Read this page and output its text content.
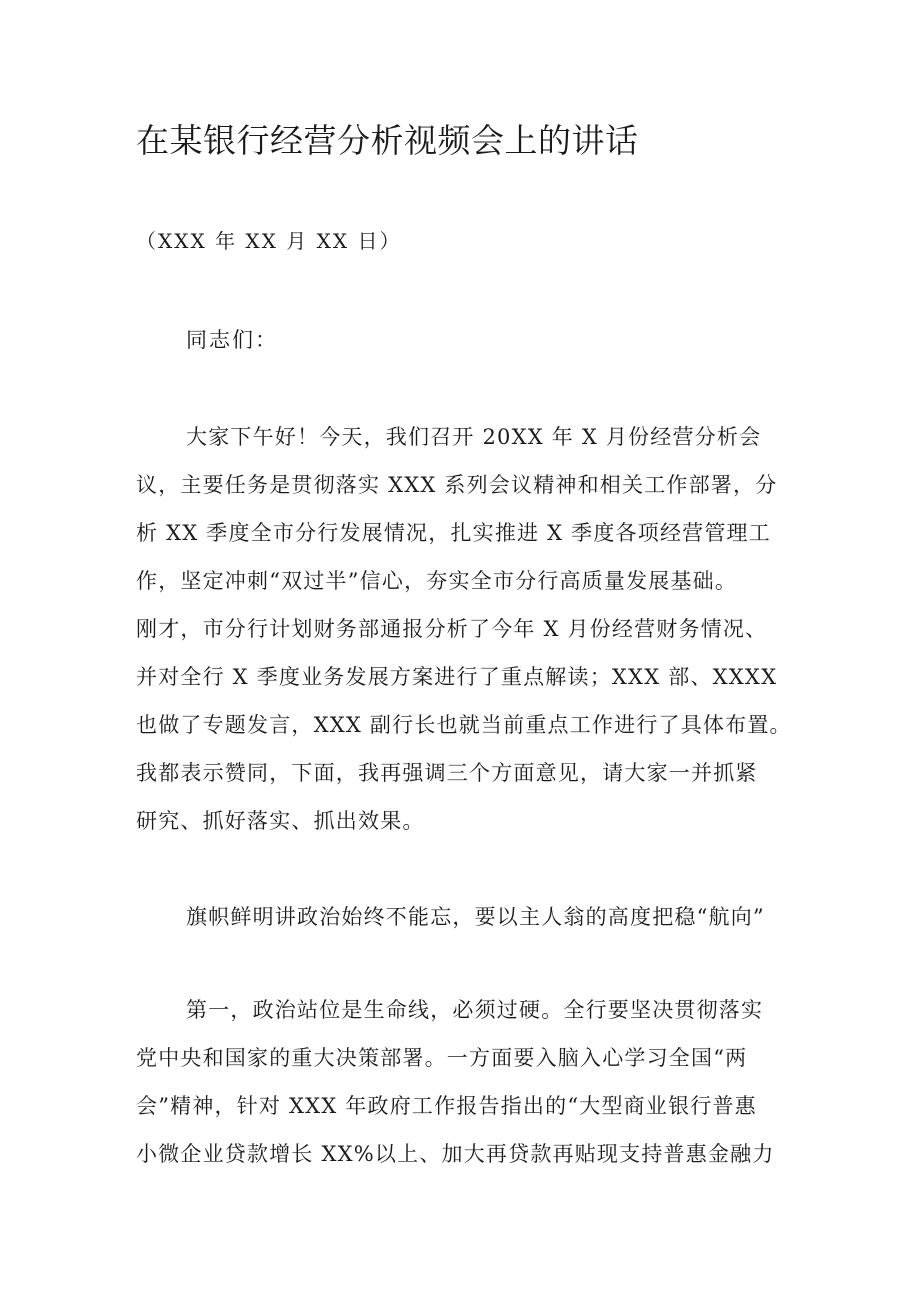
在某银行经营分析视频会上的讲话

（XXX 年 XX 月 XX 日）

同志们：

大家下午好！今天，我们召开 20XX 年 X 月份经营分析会
议，主要任务是贯彻落实 XXX 系列会议精神和相关工作部署，分
析 XX 季度全市分行发展情况，扎实推进 X 季度各项经营管理工
作，坚定冲刺“双过半”信心，夯实全市分行高质量发展基础。
刚才，市分行计划财务部通报分析了今年 X 月份经营财务情况、
并对全行 X 季度业务发展方案进行了重点解读；XXX 部、XXXX
也做了专题发言，XXX 副行长也就当前重点工作进行了具体布置。
我都表示赞同，下面，我再强调三个方面意见，请大家一并抓紧
研究、抓好落实、抓出效果。
旗帜鲜明讲政治始终不能忘，要以主人翁的高度把稳“航向”
第一，政治站位是生命线，必须过硬。全行要坚决贯彻落实
党中央和国家的重大决策部署。一方面要入脑入心学习全国“两
会”精神，针对 XXX 年政府工作报告指出的“大型商业银行普惠
小微企业贷款增长 XX%以上、加大再贷款再贴现支持普惠金融力
